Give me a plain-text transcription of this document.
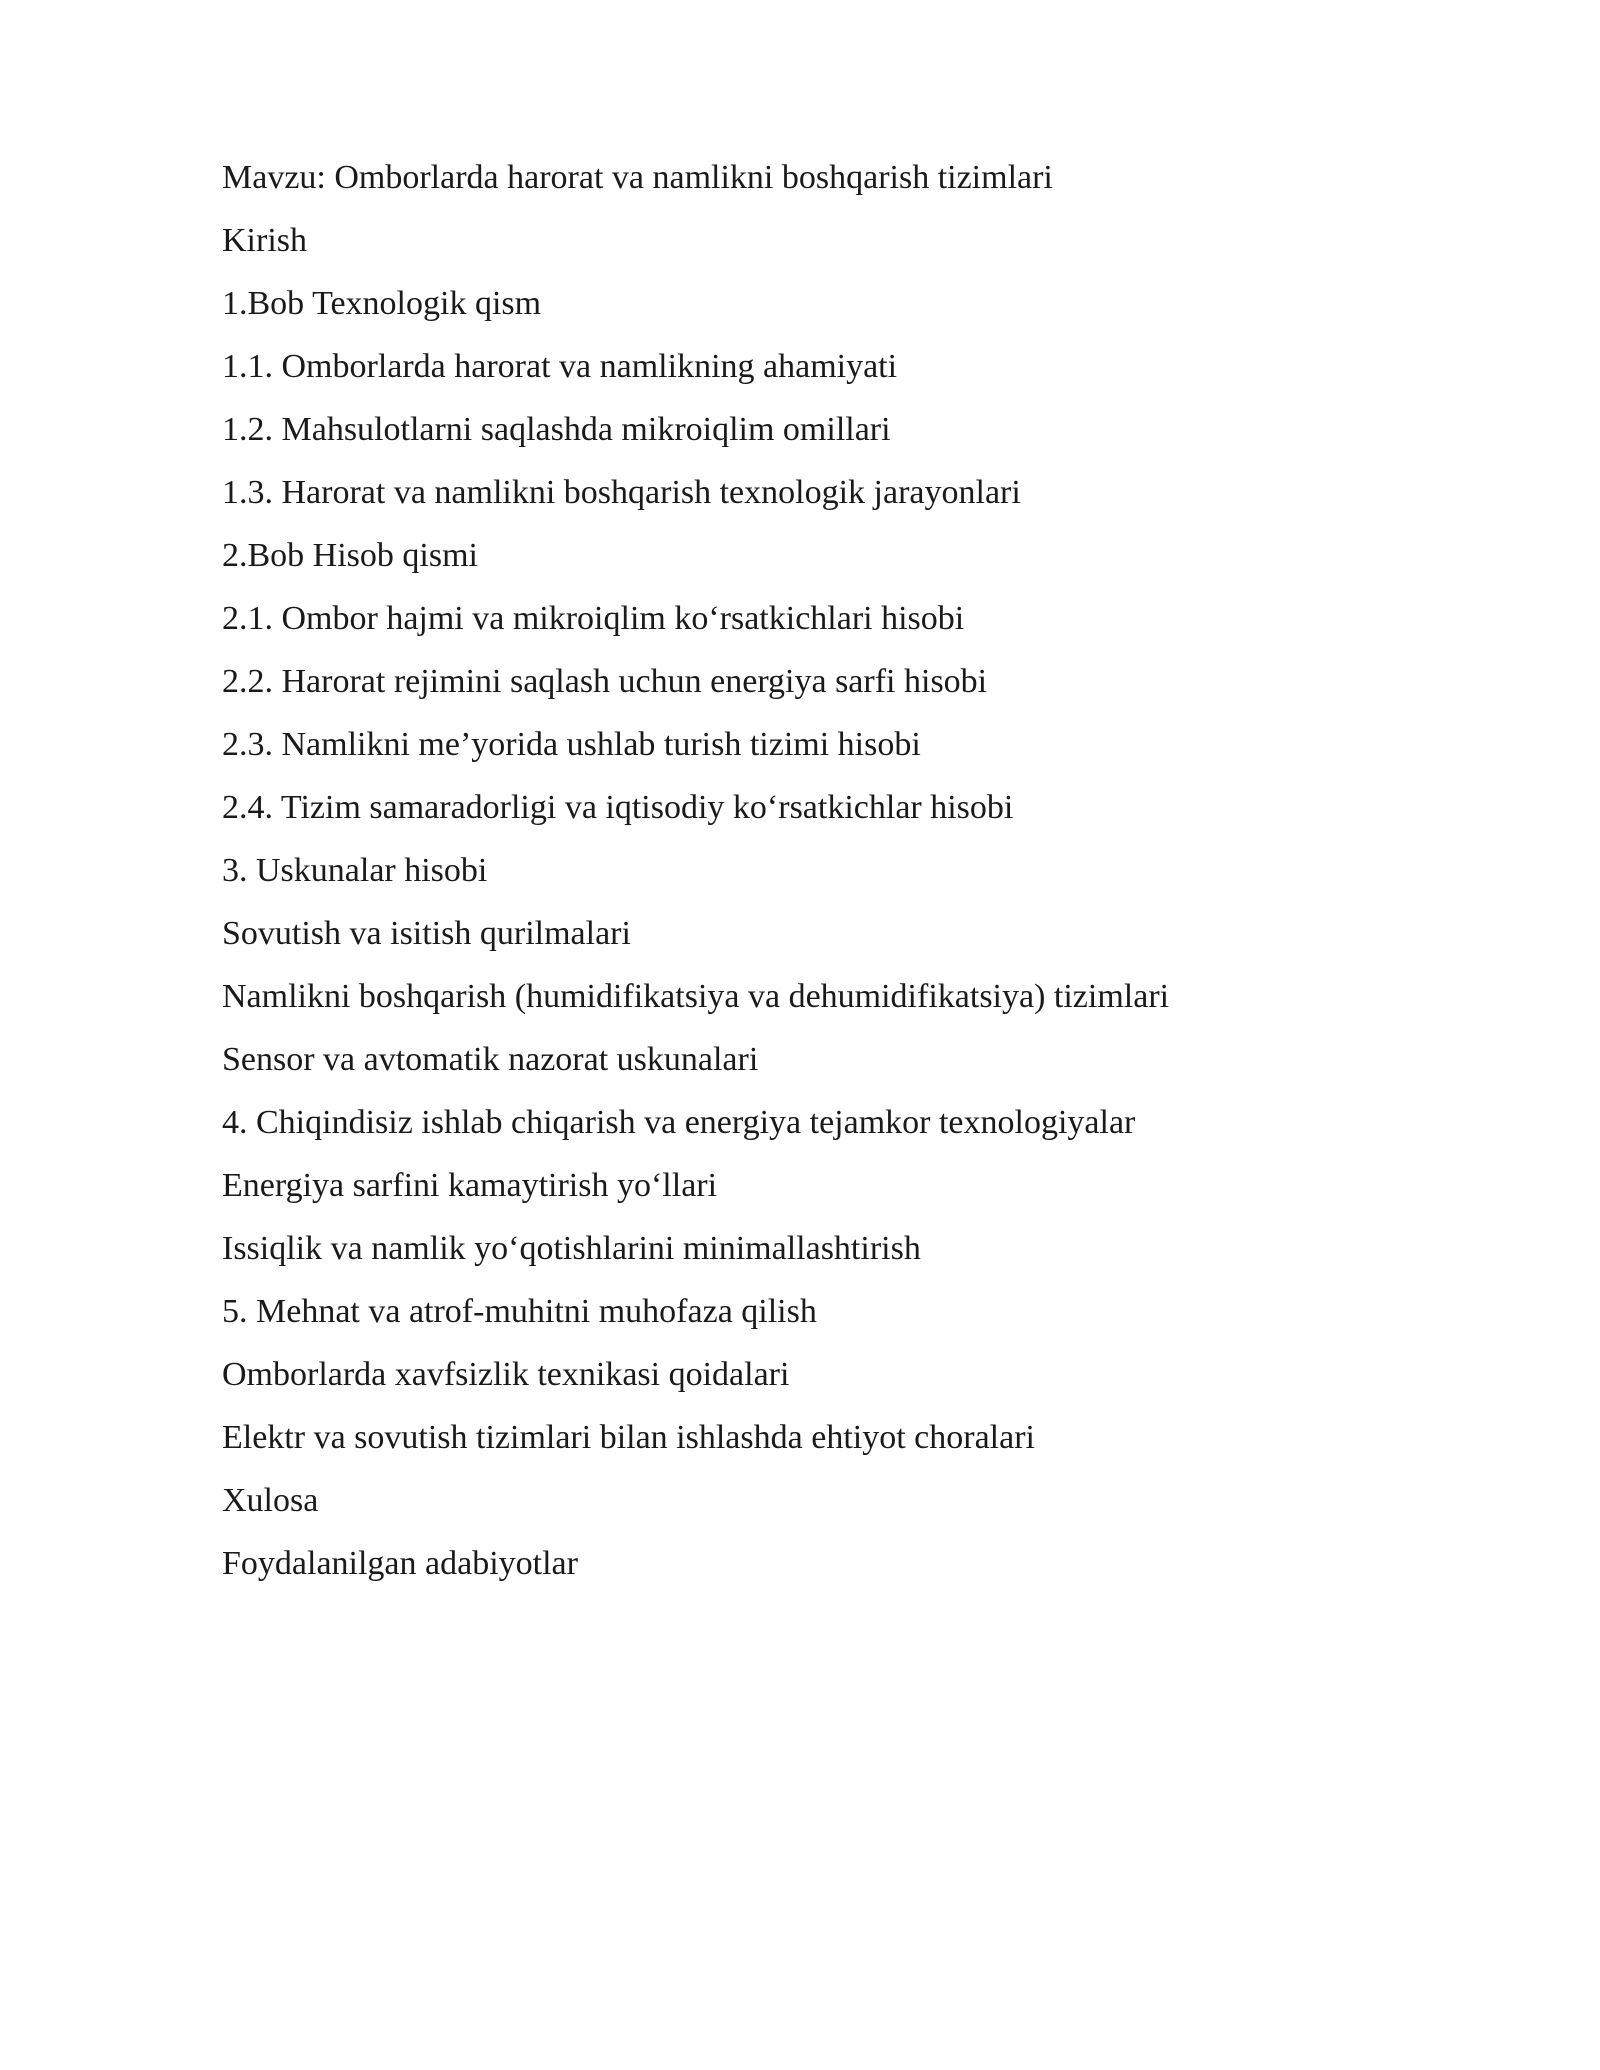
Mavzu: Omborlarda harorat va namlikni boshqarish tizimlari
Kirish
1.Bob Texnologik qism
1.1. Omborlarda harorat va namlikning ahamiyati
1.2. Mahsulotlarni saqlashda mikroiqlim omillari
1.3. Harorat va namlikni boshqarish texnologik jarayonlari
2.Bob Hisob qismi
2.1. Ombor hajmi va mikroiqlim koʻrsatkichlari hisobi
2.2. Harorat rejimini saqlash uchun energiya sarfi hisobi
2.3. Namlikni me’yorida ushlab turish tizimi hisobi
2.4. Tizim samaradorligi va iqtisodiy koʻrsatkichlar hisobi
3. Uskunalar hisobi
Sovutish va isitish qurilmalari
Namlikni boshqarish (humidifikatsiya va dehumidifikatsiya) tizimlari
Sensor va avtomatik nazorat uskunalari
4. Chiqindisiz ishlab chiqarish va energiya tejamkor texnologiyalar
Energiya sarfini kamaytirish yoʻllari
Issiqlik va namlik yoʻqotishlarini minimallashtirish
5. Mehnat va atrof-muhitni muhofaza qilish
Omborlarda xavfsizlik texnikasi qoidalari
Elektr va sovutish tizimlari bilan ishlashda ehtiyot choralari
Xulosa
Foydalanilgan adabiyotlar
